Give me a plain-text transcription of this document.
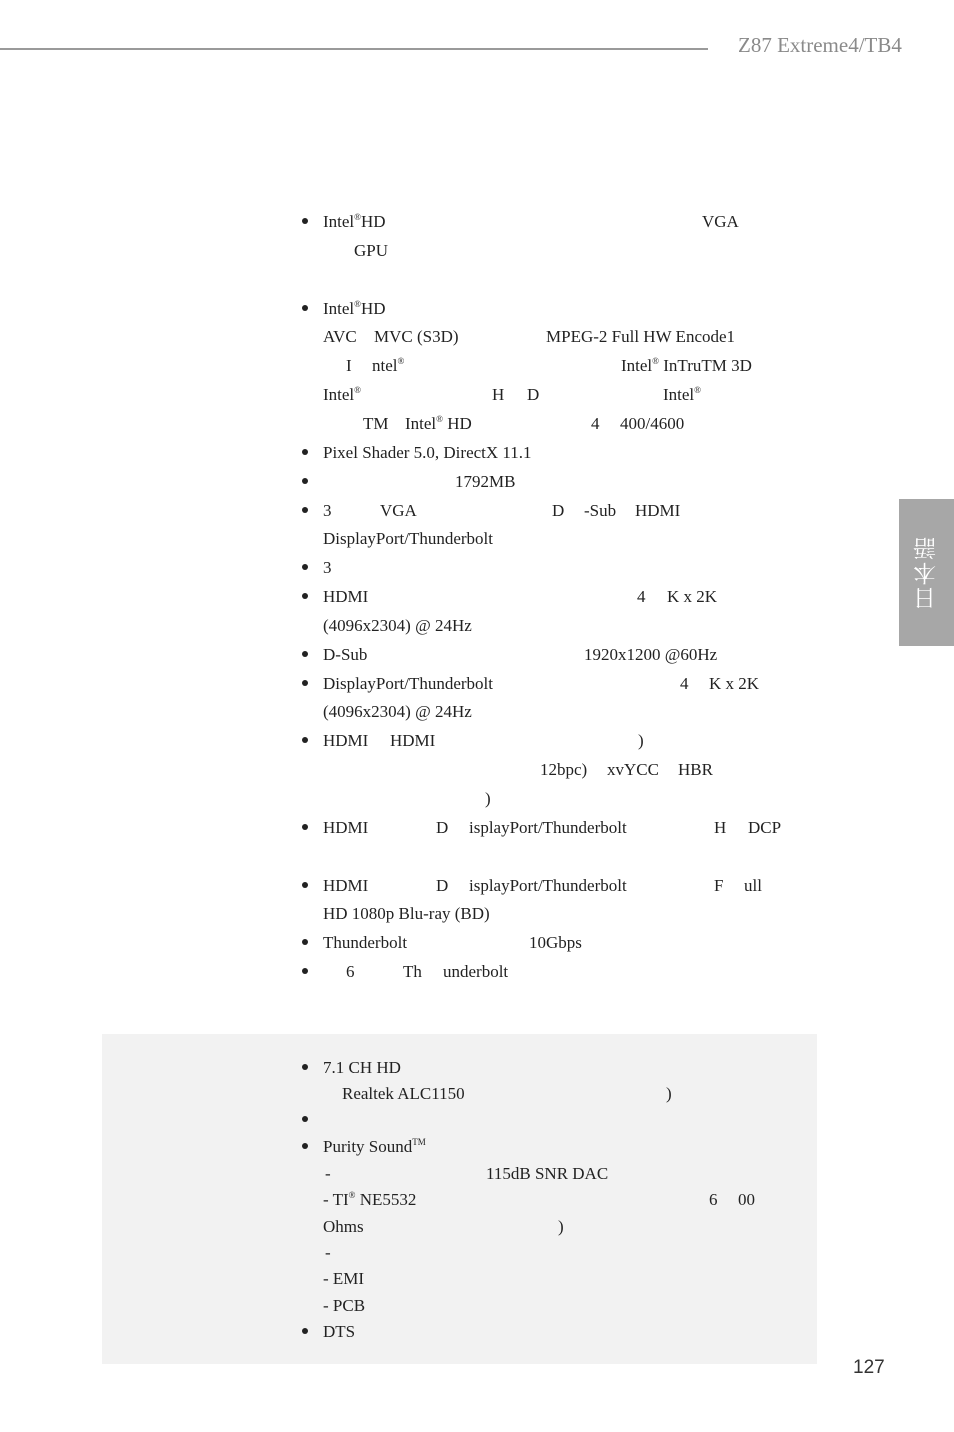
Z87 Extreme4/TB4
日本語
Intel®HD	VGA
GPU
Intel®HD
AVC MVC (S3D)	MPEG-2 Full HW Encode1
I ntel®	Intel® InTruTM 3D
Intel®	H D	Intel®
TM Intel® HD	4 400/4600
Pixel Shader 5.0, DirectX 11.1
1792MB
3	VGA	D -Sub HDMI
DisplayPort/Thunderbolt
3
HDMI	4 K x 2K
(4096x2304) @ 24Hz
D-Sub	1920x1200 @60Hz
DisplayPort/Thunderbolt	4 K x 2K
(4096x2304) @ 24Hz
HDMI HDMI	)
12bpc) xvYCC HBR
)
HDMI	D isplayPort/Thunderbolt	H DCP
HDMI	D isplayPort/Thunderbolt	F ull
HD 1080p Blu-ray (BD)
Thunderbolt	10Gbps
6	Th underbolt
7.1 CH HD
Realtek ALC1150	)
Purity Sound™
-	115dB SNR DAC
- TI® NE5532	6 00
Ohms	)
-
- EMI
- PCB
DTS
127
